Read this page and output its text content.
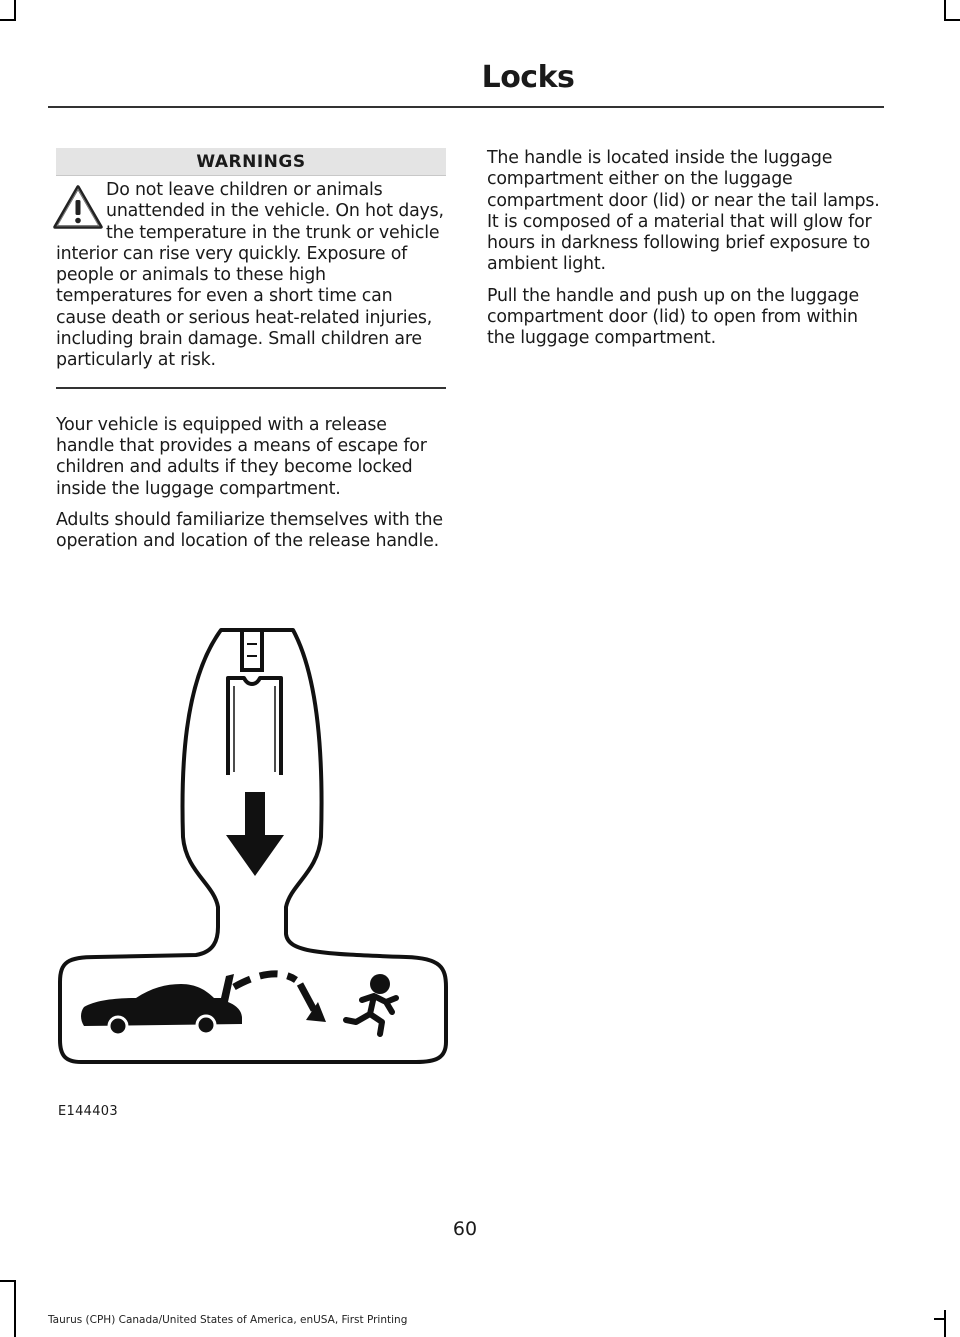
Locks
WARNINGS
Do not leave children or animals unattended in the vehicle. On hot days, the temperature in the trunk or vehicle interior can rise very quickly. Exposure of people or animals to these high temperatures for even a short time can cause death or serious heat-related injuries, including brain damage. Small children are particularly at risk.

Your vehicle is equipped with a release handle that provides a means of escape for children and adults if they become locked inside the luggage compartment.

Adults should familiarize themselves with the operation and location of the release handle.

The handle is located inside the luggage compartment either on the luggage compartment door (lid) or near the tail lamps. It is composed of a material that will glow for hours in darkness following brief exposure to ambient light.

Pull the handle and push up on the luggage compartment door (lid) to open from within the luggage compartment.

E144403
60
Taurus (CPH) Canada/United States of America, enUSA, First Printing
